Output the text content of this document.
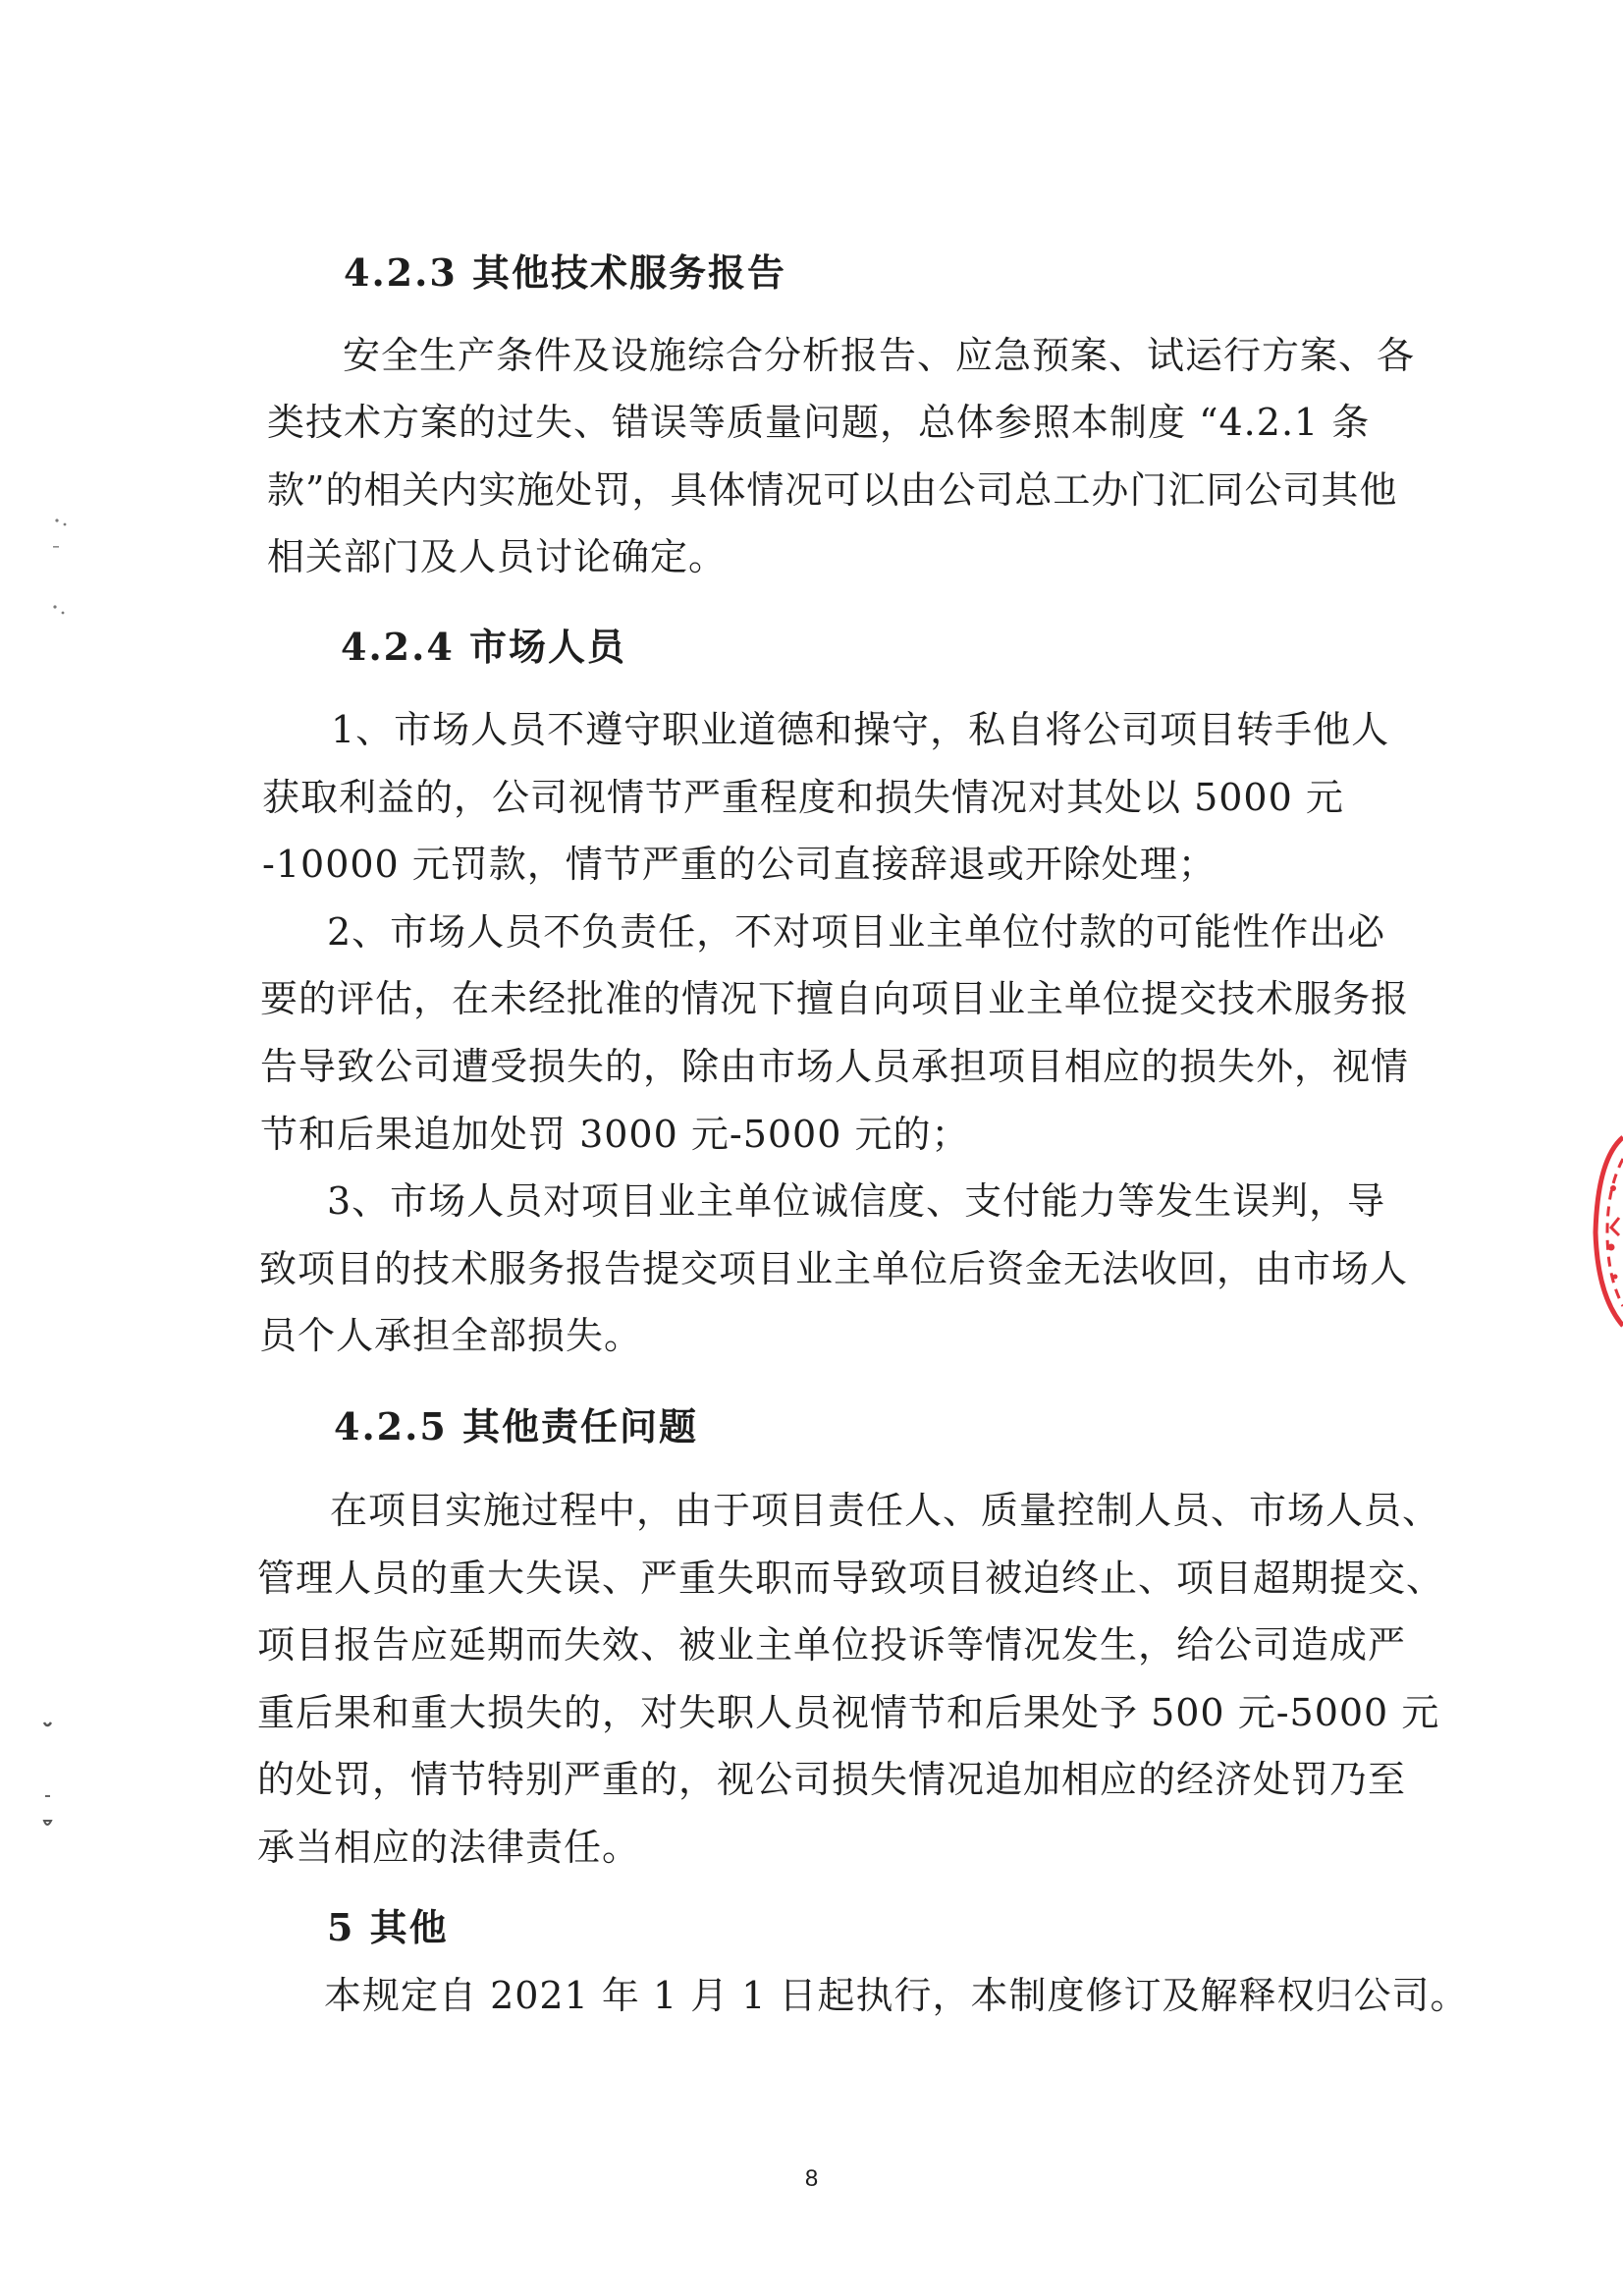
4.2.3 其他技术服务报告
安全生产条件及设施综合分析报告、应急预案、试运行方案、各
类技术方案的过失、错误等质量问题，总体参照本制度 “4.2.1 条
款”的相关内实施处罚，具体情况可以由公司总工办门汇同公司其他
相关部门及人员讨论确定。
4.2.4 市场人员
1、市场人员不遵守职业道德和操守，私自将公司项目转手他人
获取利益的，公司视情节严重程度和损失情况对其处以 5000 元
-10000 元罚款，情节严重的公司直接辞退或开除处理；
2、市场人员不负责任，不对项目业主单位付款的可能性作出必
要的评估，在未经批准的情况下擅自向项目业主单位提交技术服务报
告导致公司遭受损失的，除由市场人员承担项目相应的损失外，视情
节和后果追加处罚 3000 元-5000 元的；
3、市场人员对项目业主单位诚信度、支付能力等发生误判，导
致项目的技术服务报告提交项目业主单位后资金无法收回，由市场人
员个人承担全部损失。
4.2.5 其他责任问题
在项目实施过程中，由于项目责任人、质量控制人员、市场人员、
管理人员的重大失误、严重失职而导致项目被迫终止、项目超期提交、
项目报告应延期而失效、被业主单位投诉等情况发生，给公司造成严
重后果和重大损失的，对失职人员视情节和后果处予 500 元-5000 元
的处罚，情节特别严重的，视公司损失情况追加相应的经济处罚乃至
承当相应的法律责任。
5 其他
本规定自 2021 年 1 月 1 日起执行，本制度修订及解释权归公司。
8
